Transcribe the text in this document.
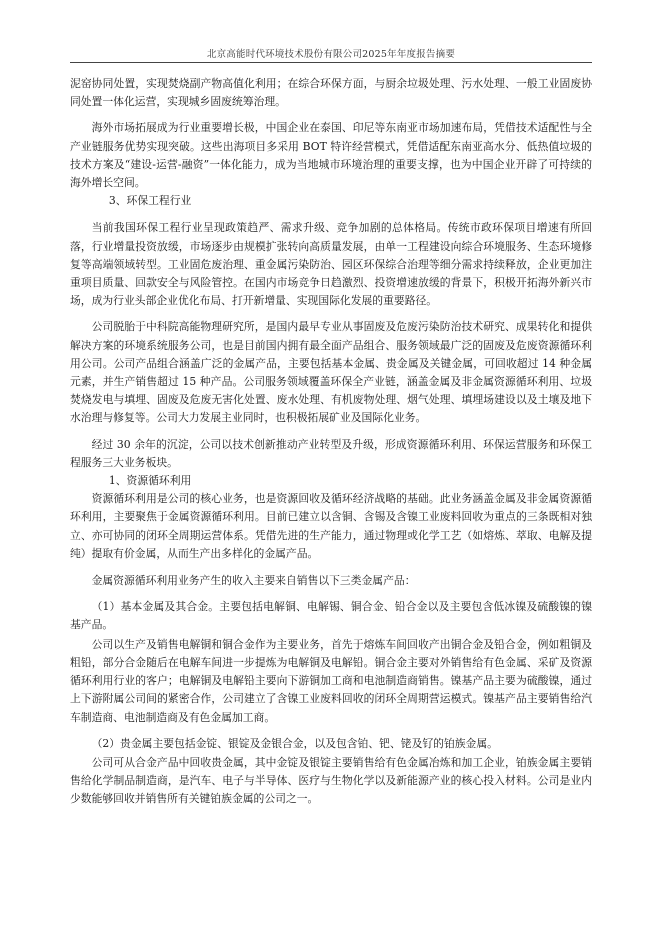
北京高能时代环境技术股份有限公司2025年年度报告摘要

泥窑协同处置，实现焚烧副产物高值化利用；在综合环保方面，与厨余垃圾处理、污水处理、一般工业固废协同处置一体化运营，实现城乡固废统筹治理。

海外市场拓展成为行业重要增长极，中国企业在泰国、印尼等东南亚市场加速布局，凭借技术适配性与全产业链服务优势实现突破。这些出海项目多采用 BOT 特许经营模式，凭借适配东南亚高水分、低热值垃圾的技术方案及“建设-运营-融资”一体化能力，成为当地城市环境治理的重要支撑，也为中国企业开辟了可持续的海外增长空间。

3、环保工程行业

当前我国环保工程行业呈现政策趋严、需求升级、竞争加剧的总体格局。传统市政环保项目增速有所回落，行业增量投资放缓，市场逐步由规模扩张转向高质量发展，由单一工程建设向综合环境服务、生态环境修复等高端领域转型。工业固危废治理、重金属污染防治、园区环保综合治理等细分需求持续释放，企业更加注重项目质量、回款安全与风险管控。在国内市场竞争日趋激烈、投资增速放缓的背景下，积极开拓海外新兴市场，成为行业头部企业优化布局、打开新增量、实现国际化发展的重要路径。

公司脱胎于中科院高能物理研究所，是国内最早专业从事固废及危废污染防治技术研究、成果转化和提供解决方案的环境系统服务公司，也是目前国内拥有最全面产品组合、服务领域最广泛的固废及危废资源循环利用公司。公司产品组合涵盖广泛的金属产品，主要包括基本金属、贵金属及关键金属，可回收超过 14 种金属元素，并生产销售超过 15 种产品。公司服务领域覆盖环保全产业链，涵盖金属及非金属资源循环利用、垃圾焚烧发电与填埋、固废及危废无害化处置、废水处理、有机废物处理、烟气处理、填埋场建设以及土壤及地下水治理与修复等。公司大力发展主业同时，也积极拓展矿业及国际化业务。

经过 30 余年的沉淀，公司以技术创新推动产业转型及升级，形成资源循环利用、环保运营服务和环保工程服务三大业务板块。

1、资源循环利用

资源循环利用是公司的核心业务，也是资源回收及循环经济战略的基础。此业务涵盖金属及非金属资源循环利用，主要聚焦于金属资源循环利用。目前已建立以含铜、含锡及含镍工业废料回收为重点的三条既相对独立、亦可协同的闭环全周期运营体系。凭借先进的生产能力，通过物理或化学工艺（如熔炼、萃取、电解及提纯）提取有价金属，从而生产出多样化的金属产品。

金属资源循环利用业务产生的收入主要来自销售以下三类金属产品：

（1）基本金属及其合金。主要包括电解铜、电解锡、铜合金、铅合金以及主要包含低冰镍及硫酸镍的镍基产品。

公司以生产及销售电解铜和铜合金作为主要业务，首先于熔炼车间回收产出铜合金及铅合金，例如粗铜及粗铅，部分合金随后在电解车间进一步提炼为电解铜及电解铅。铜合金主要对外销售给有色金属、采矿及资源循环利用行业的客户；电解铜及电解铅主要向下游铜加工商和电池制造商销售。镍基产品主要为硫酸镍，通过上下游附属公司间的紧密合作，公司建立了含镍工业废料回收的闭环全周期营运模式。镍基产品主要销售给汽车制造商、电池制造商及有色金属加工商。

（2）贵金属主要包括金锭、银锭及金银合金，以及包含铂、钯、铑及钌的铂族金属。

公司可从合金产品中回收贵金属，其中金锭及银锭主要销售给有色金属冶炼和加工企业，铂族金属主要销售给化学制品制造商，是汽车、电子与半导体、医疗与生物化学以及新能源产业的核心投入材料。公司是业内少数能够回收并销售所有关键铂族金属的公司之一。
